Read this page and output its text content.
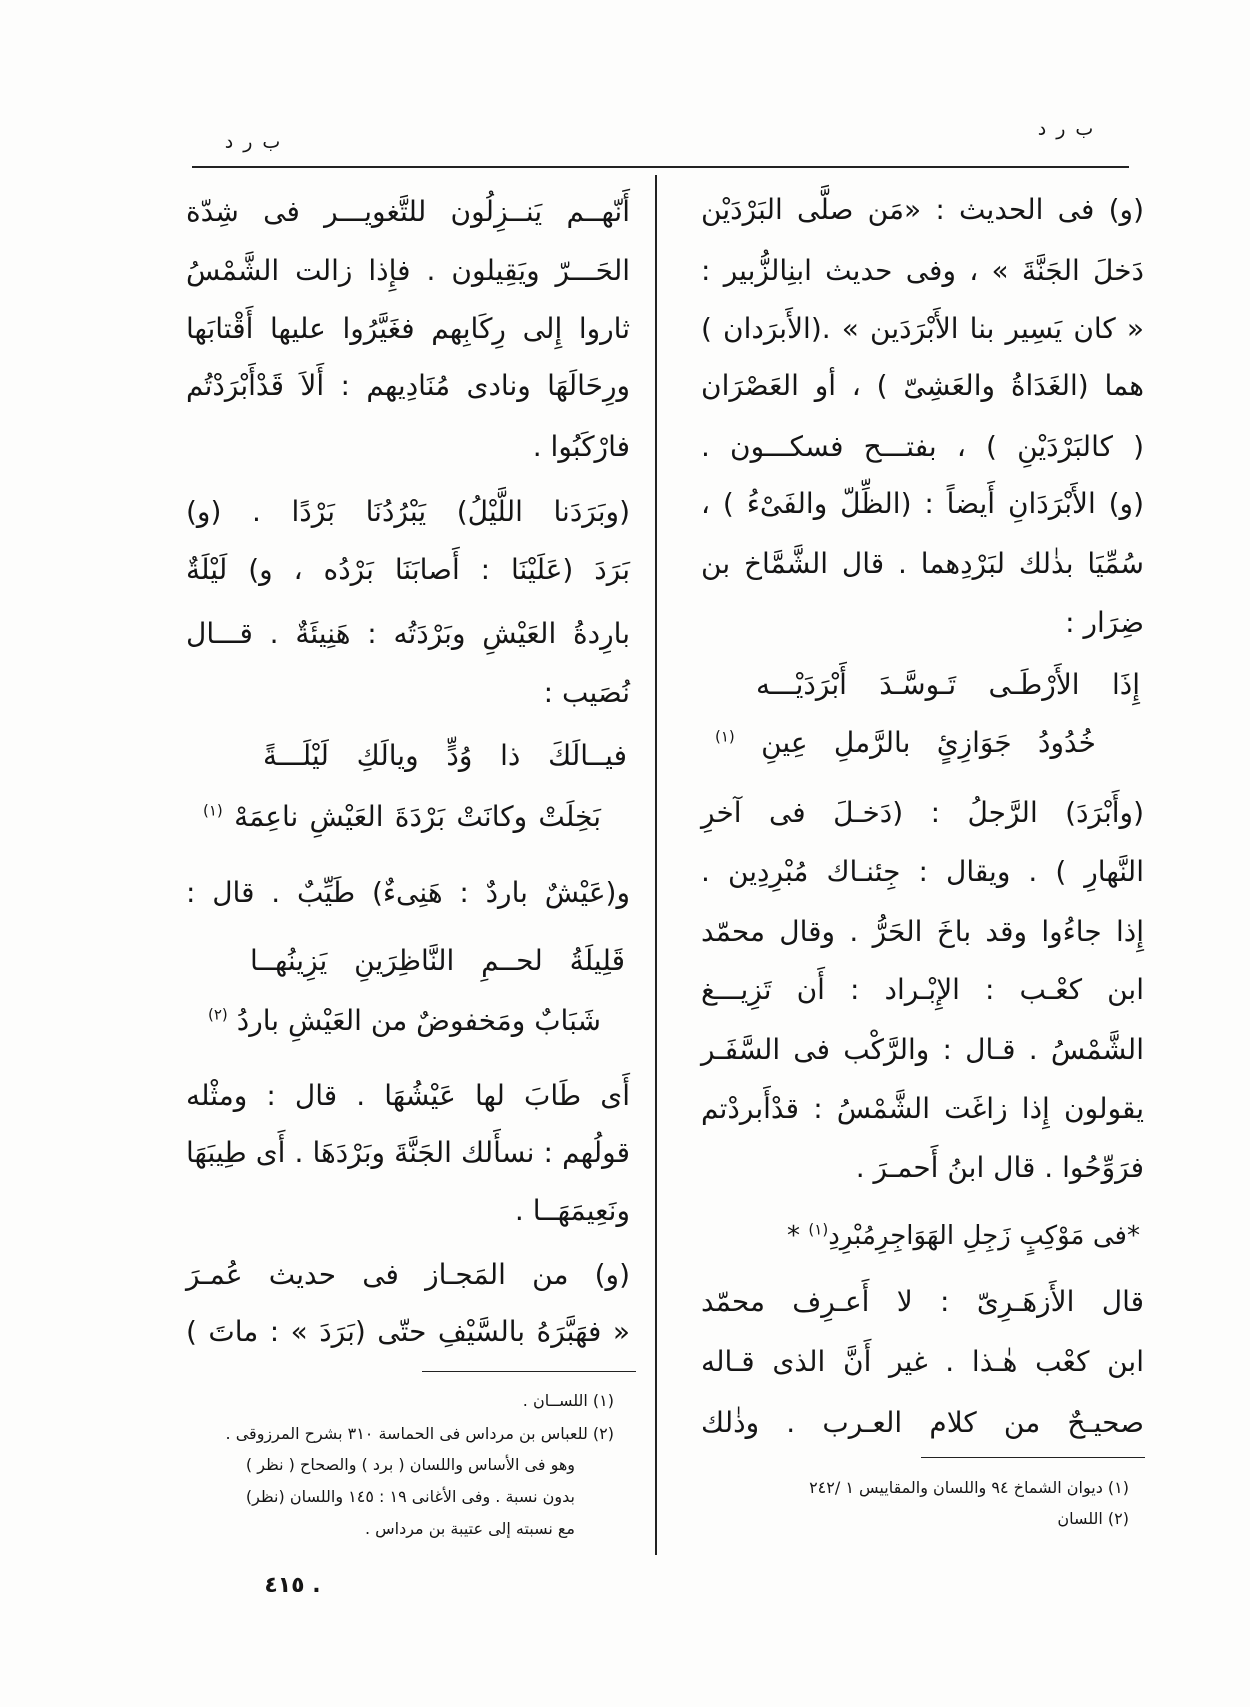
ب ر د
ب ر د
(و) فى الحديث : «مَن صلَّى البَرْدَيْن
دَخلَ الجَنَّةَ » ، وفى حديث ابنِالزُّبير :
« كان يَسِير بنا الأَبْرَدَين » .(الأَبرَدان )
هما (الغَدَاةُ والعَشِىّ ) ، أو العَصْرَان
( كالبَرْدَيْنِ ) ، بفتـــح فسكـــون .
(و) الأَبْرَدَانِ أَيضاً : (الظِّلّ والفَىْءُ ) ،
سُمِّيَا بذٰلك لبَرْدِهما . قال الشَّمَّاخ بن
ضِرَار :
إِذَا الأَرْطَـى تَـوسَّـدَ أَبْرَدَيْـــه
خُدُودُ جَوَازِئٍ بالرَّملِ عِينِ $^{(١)}$
(وأَبْرَدَ) الرَّجلُ : (دَخـلَ فى آخرِ
النَّهارِ ) . ويقال : جِئنـاك مُبْرِدِين .
إِذا جاءُوا وقد باخَ الحَرُّ . وقال محمّد
ابن كعْـب : الإِبْـراد : أَن تَزِيـــغ
الشَّمْسُ . قـال : والرَّكْب فى السَّفَـر
يقولون إِذا زاغَت الشَّمْسُ : قدْأَبردْتم
فرَوِّحُوا . قال ابنُ أَحمـرَ .
*فى مَوْكِبٍ زَجِلِ الهَوَاجِرِمُبْرِدِ$^{(١)}$ *
قال الأَزهَـرِىّ : لا أَعـرِف محمّد
ابن كعْب هٰـذا . غير أَنَّ الذى قـاله
صحيـحٌ من كلام العـرب . وذٰلك
(١) ديوان الشماخ ٩٤ واللسان والمقاييس ١ /٢٤٢
(٢) اللسان
أَنّهــم يَنــزِلُون للتَّغويـــر فى شِدّة
الحَـــرّ ويَقِيلون . فإِذا زالت الشَّمْسُ
ثاروا إِلى رِكَابِهم فغَيَّرُوا عليها أَقْتابَها
ورِحَالَهَا ونادى مُنَادِيهم : أَلاَ قَدْأَبْرَدْتُم
فارْكَبُوا .
(وبَرَدَنا اللَّيْلُ) يَبْرُدُنَا بَرْدًا . (و)
بَرَدَ (عَلَيْنَا : أَصابَنَا بَرْدُه ، و) لَيْلَةٌ
بارِدةُ العَيْشِ وبَرْدَتُه : هَنِيئَةٌ . قـــال
نُصَيب :
فيــالَكَ ذا وُدٍّ ويالَكِ لَيْلَـــةً
بَخِلَتْ وكانَتْ بَرْدَةَ العَيْشِ ناعِمَهْ $^{(١)}$
و(عَيْشٌ باردٌ : هَنِىءٌ) طَيِّبٌ . قال :
قَلِيلَةُ لحــمِ النَّاظِرَينِ يَزِينُهــا
شَبَابٌ ومَخفوضٌ من العَيْشِ باردُ $^{(٢)}$
أَى طَابَ لها عَيْشُهَا . قال : ومثْله
قولُهم : نسأَلك الجَنَّةَ وبَرْدَهَا . أَى طِيبَهَا
ونَعِيمَهَــا .
(و) من المَجـاز فى حديث عُمـرَ
« فهَبَّرَهُ بالسَّيْفِ حتّى (بَرَدَ » : ماتَ )
(١) اللســان .
(٢) للعباس بن مرداس فى الحماسة ٣١٠ بشرح المرزوقى .
وهو فى الأساس واللسان ( برد ) والصحاح ( نظر )
بدون نسبة . وفى الأغانى ١٩ : ١٤٥ واللسان (نظر)
مع نسبته إلى عتيبة بن مرداس .
٤١٥ .
